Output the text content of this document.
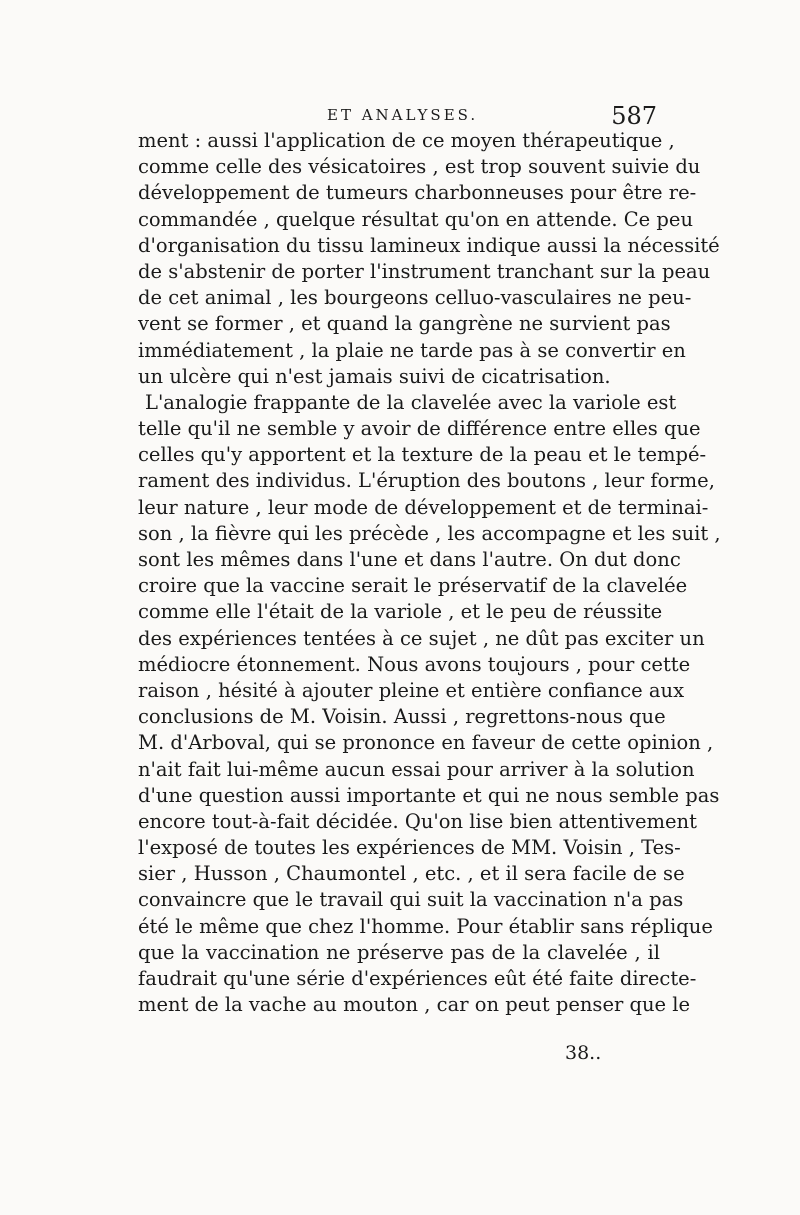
ET ANALYSES.	587
ment : aussi l'application de ce moyen thérapeutique ,
comme celle des vésicatoires , est trop souvent suivie du
développement de tumeurs charbonneuses pour être re-
commandée , quelque résultat qu'on en attende. Ce peu
d'organisation du tissu lamineux indique aussi la nécessité
de s'abstenir de porter l'instrument tranchant sur la peau
de cet animal , les bourgeons celluo-vasculaires ne peu-
vent se former , et quand la gangrène ne survient pas
immédiatement , la plaie ne tarde pas à se convertir en
un ulcère qui n'est jamais suivi de cicatrisation.
L'analogie frappante de la clavelée avec la variole est
telle qu'il ne semble y avoir de différence entre elles que
celles qu'y apportent et la texture de la peau et le tempé-
rament des individus. L'éruption des boutons , leur forme,
leur nature , leur mode de développement et de terminai-
son , la fièvre qui les précède , les accompagne et les suit ,
sont les mêmes dans l'une et dans l'autre. On dut donc
croire que la vaccine serait le préservatif de la clavelée
comme elle l'était de la variole , et le peu de réussite
des expériences tentées à ce sujet , ne dût pas exciter un
médiocre étonnement. Nous avons toujours , pour cette
raison , hésité à ajouter pleine et entière confiance aux
conclusions de M. Voisin. Aussi , regrettons-nous que
M. d'Arboval, qui se prononce en faveur de cette opinion ,
n'ait fait lui-même aucun essai pour arriver à la solution
d'une question aussi importante et qui ne nous semble pas
encore tout-à-fait décidée. Qu'on lise bien attentivement
l'exposé de toutes les expériences de MM. Voisin , Tes-
sier , Husson , Chaumontel , etc. , et il sera facile de se
convaincre que le travail qui suit la vaccination n'a pas
été le même que chez l'homme. Pour établir sans réplique
que la vaccination ne préserve pas de la clavelée , il
faudrait qu'une série d'expériences eût été faite directe-
ment de la vache au mouton , car on peut penser que le
38..
